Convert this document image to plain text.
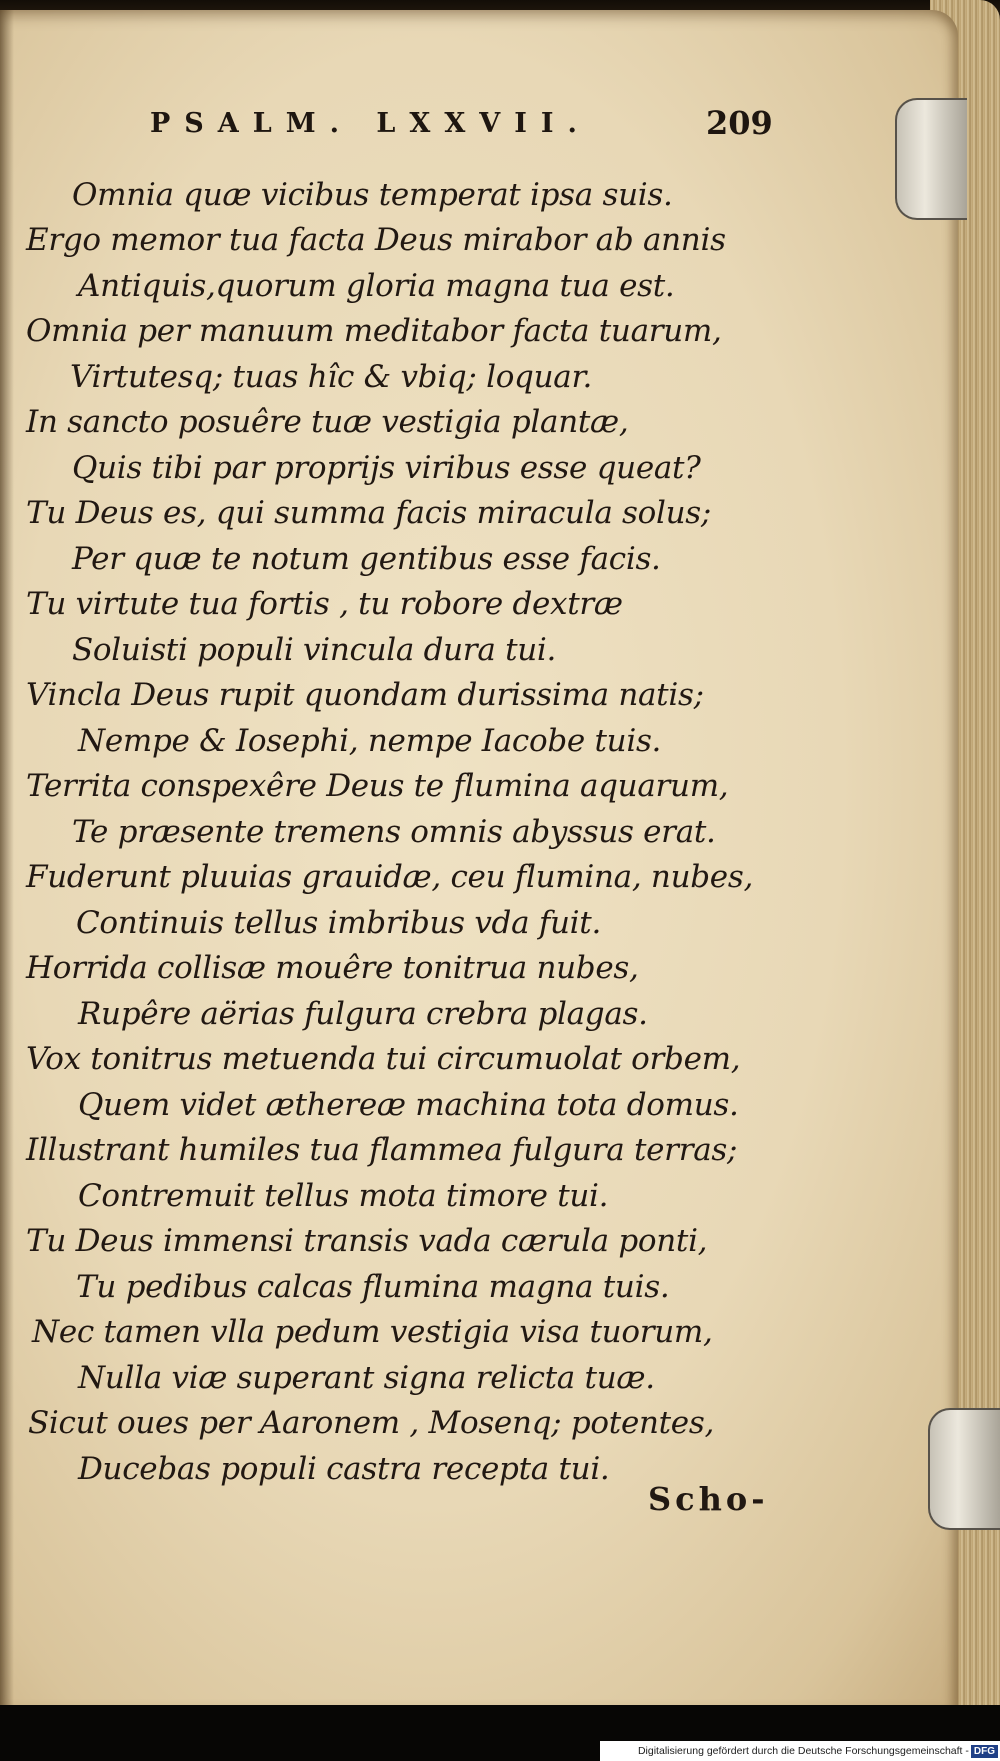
PSALM. LXXVII.	209
Omnia quæ vicibus temperat ipsa suis.
Ergo memor tua facta Deus mirabor ab annis
Antiquis,quorum gloria magna tua est.
Omnia per manuum meditabor facta tuarum,
Virtutesq; tuas hîc & vbiq; loquar.
In sancto posuêre tuæ vestigia plantæ,
Quis tibi par proprijs viribus esse queat?
Tu Deus es, qui summa facis miracula solus;
Per quæ te notum gentibus esse facis.
Tu virtute tua fortis , tu robore dextræ
Soluisti populi vincula dura tui.
Vincla Deus rupit quondam durissima natis;
Nempe & Iosephi, nempe Iacobe tuis.
Territa conspexêre Deus te flumina aquarum,
Te præsente tremens omnis abyssus erat.
Fuderunt pluuias grauidæ, ceu flumina, nubes,
Continuis tellus imbribus vda fuit.
Horrida collisæ mouêre tonitrua nubes,
Rupêre aërias fulgura crebra plagas.
Vox tonitrus metuenda tui circumuolat orbem,
Quem videt æthereæ machina tota domus.
Illustrant humiles tua flammea fulgura terras;
Contremuit tellus mota timore tui.
Tu Deus immensi transis vada cærula ponti,
Tu pedibus calcas flumina magna tuis.
Nec tamen vlla pedum vestigia visa tuorum,
Nulla viæ superant signa relicta tuæ.
Sicut oues per Aaronem , Mosenq; potentes,
Ducebas populi castra recepta tui.
Scho-
Digitalisierung gefördert durch die Deutsche Forschungsgemeinschaft - DFG
